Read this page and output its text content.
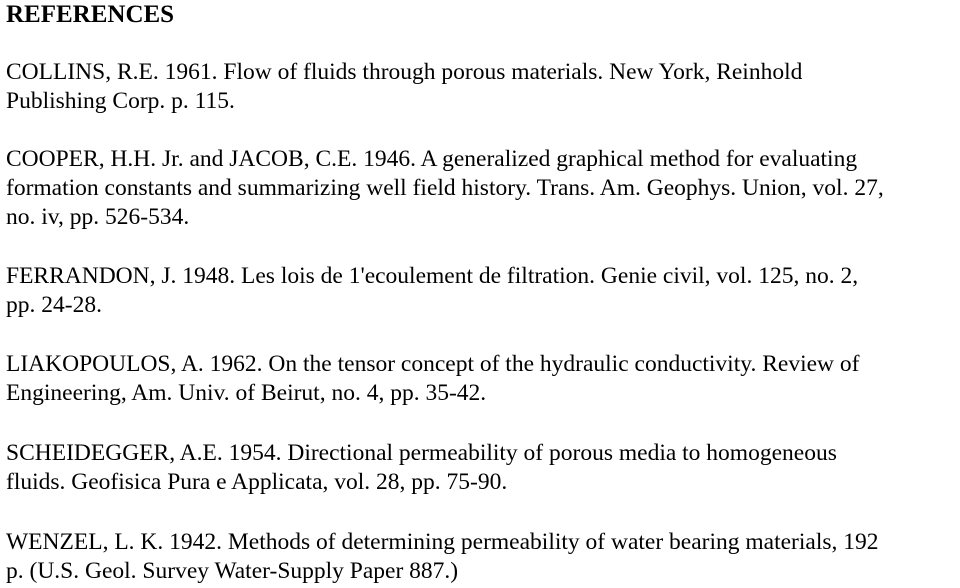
REFERENCES

COLLINS, R.E. 1961. Flow of fluids through porous materials. New York, Reinhold
Publishing Corp. p. 115.

COOPER, H.H. Jr. and JACOB, C.E. 1946. A generalized graphical method for evaluating
formation constants and summarizing well field history. Trans. Am. Geophys. Union, vol. 27,
no. iv, pp. 526-534.

FERRANDON, J. 1948. Les lois de 1'ecoulement de filtration. Genie civil, vol. 125, no. 2,
pp. 24-28.

LIAKOPOULOS, A. 1962. On the tensor concept of the hydraulic conductivity. Review of
Engineering, Am. Univ. of Beirut, no. 4, pp. 35-42.

SCHEIDEGGER, A.E. 1954. Directional permeability of porous media to homogeneous
fluids. Geofisica Pura e Applicata, vol. 28, pp. 75-90.

WENZEL, L. K. 1942. Methods of determining permeability of water bearing materials, 192
p. (U.S. Geol. Survey Water-Supply Paper 887.)
